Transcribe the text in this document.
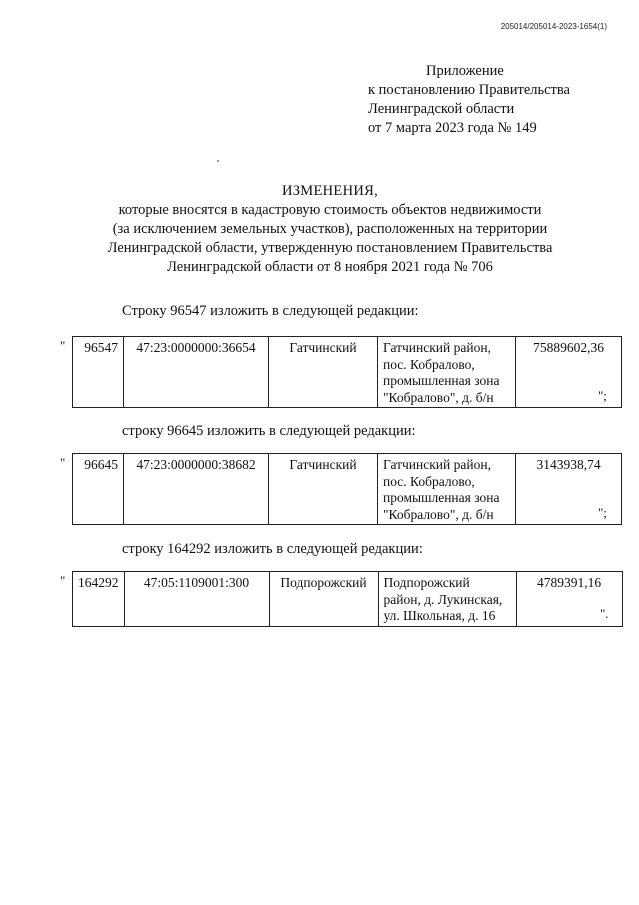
205014/205014-2023-1654(1)
Приложение
к постановлению Правительства
Ленинградской области
от 7 марта 2023 года № 149
ИЗМЕНЕНИЯ,
которые вносятся в кадастровую стоимость объектов недвижимости
(за исключением земельных участков), расположенных на территории
Ленинградской области, утвержденную постановлением Правительства
Ленинградской области от 8 ноября 2021 года № 706
Строку 96547 изложить в следующей редакции:
" 96547	47:23:0000000:36654	Гатчинский	Гатчинский район,
пос. Кобралово,
промышленная зона
"Кобралово", д. б/н
	75889602,36
";
строку 96645 изложить в следующей редакции:
" 96645	47:23:0000000:38682	Гатчинский	Гатчинский район,
пос. Кобралово,
промышленная зона
"Кобралово", д. б/н
	3143938,74
";
строку 164292 изложить в следующей редакции:
" 164292	47:05:1109001:300	Подпорожский	Подпорожский
район, д. Лукинская,
ул. Школьная, д. 16
	4789391,16
".
